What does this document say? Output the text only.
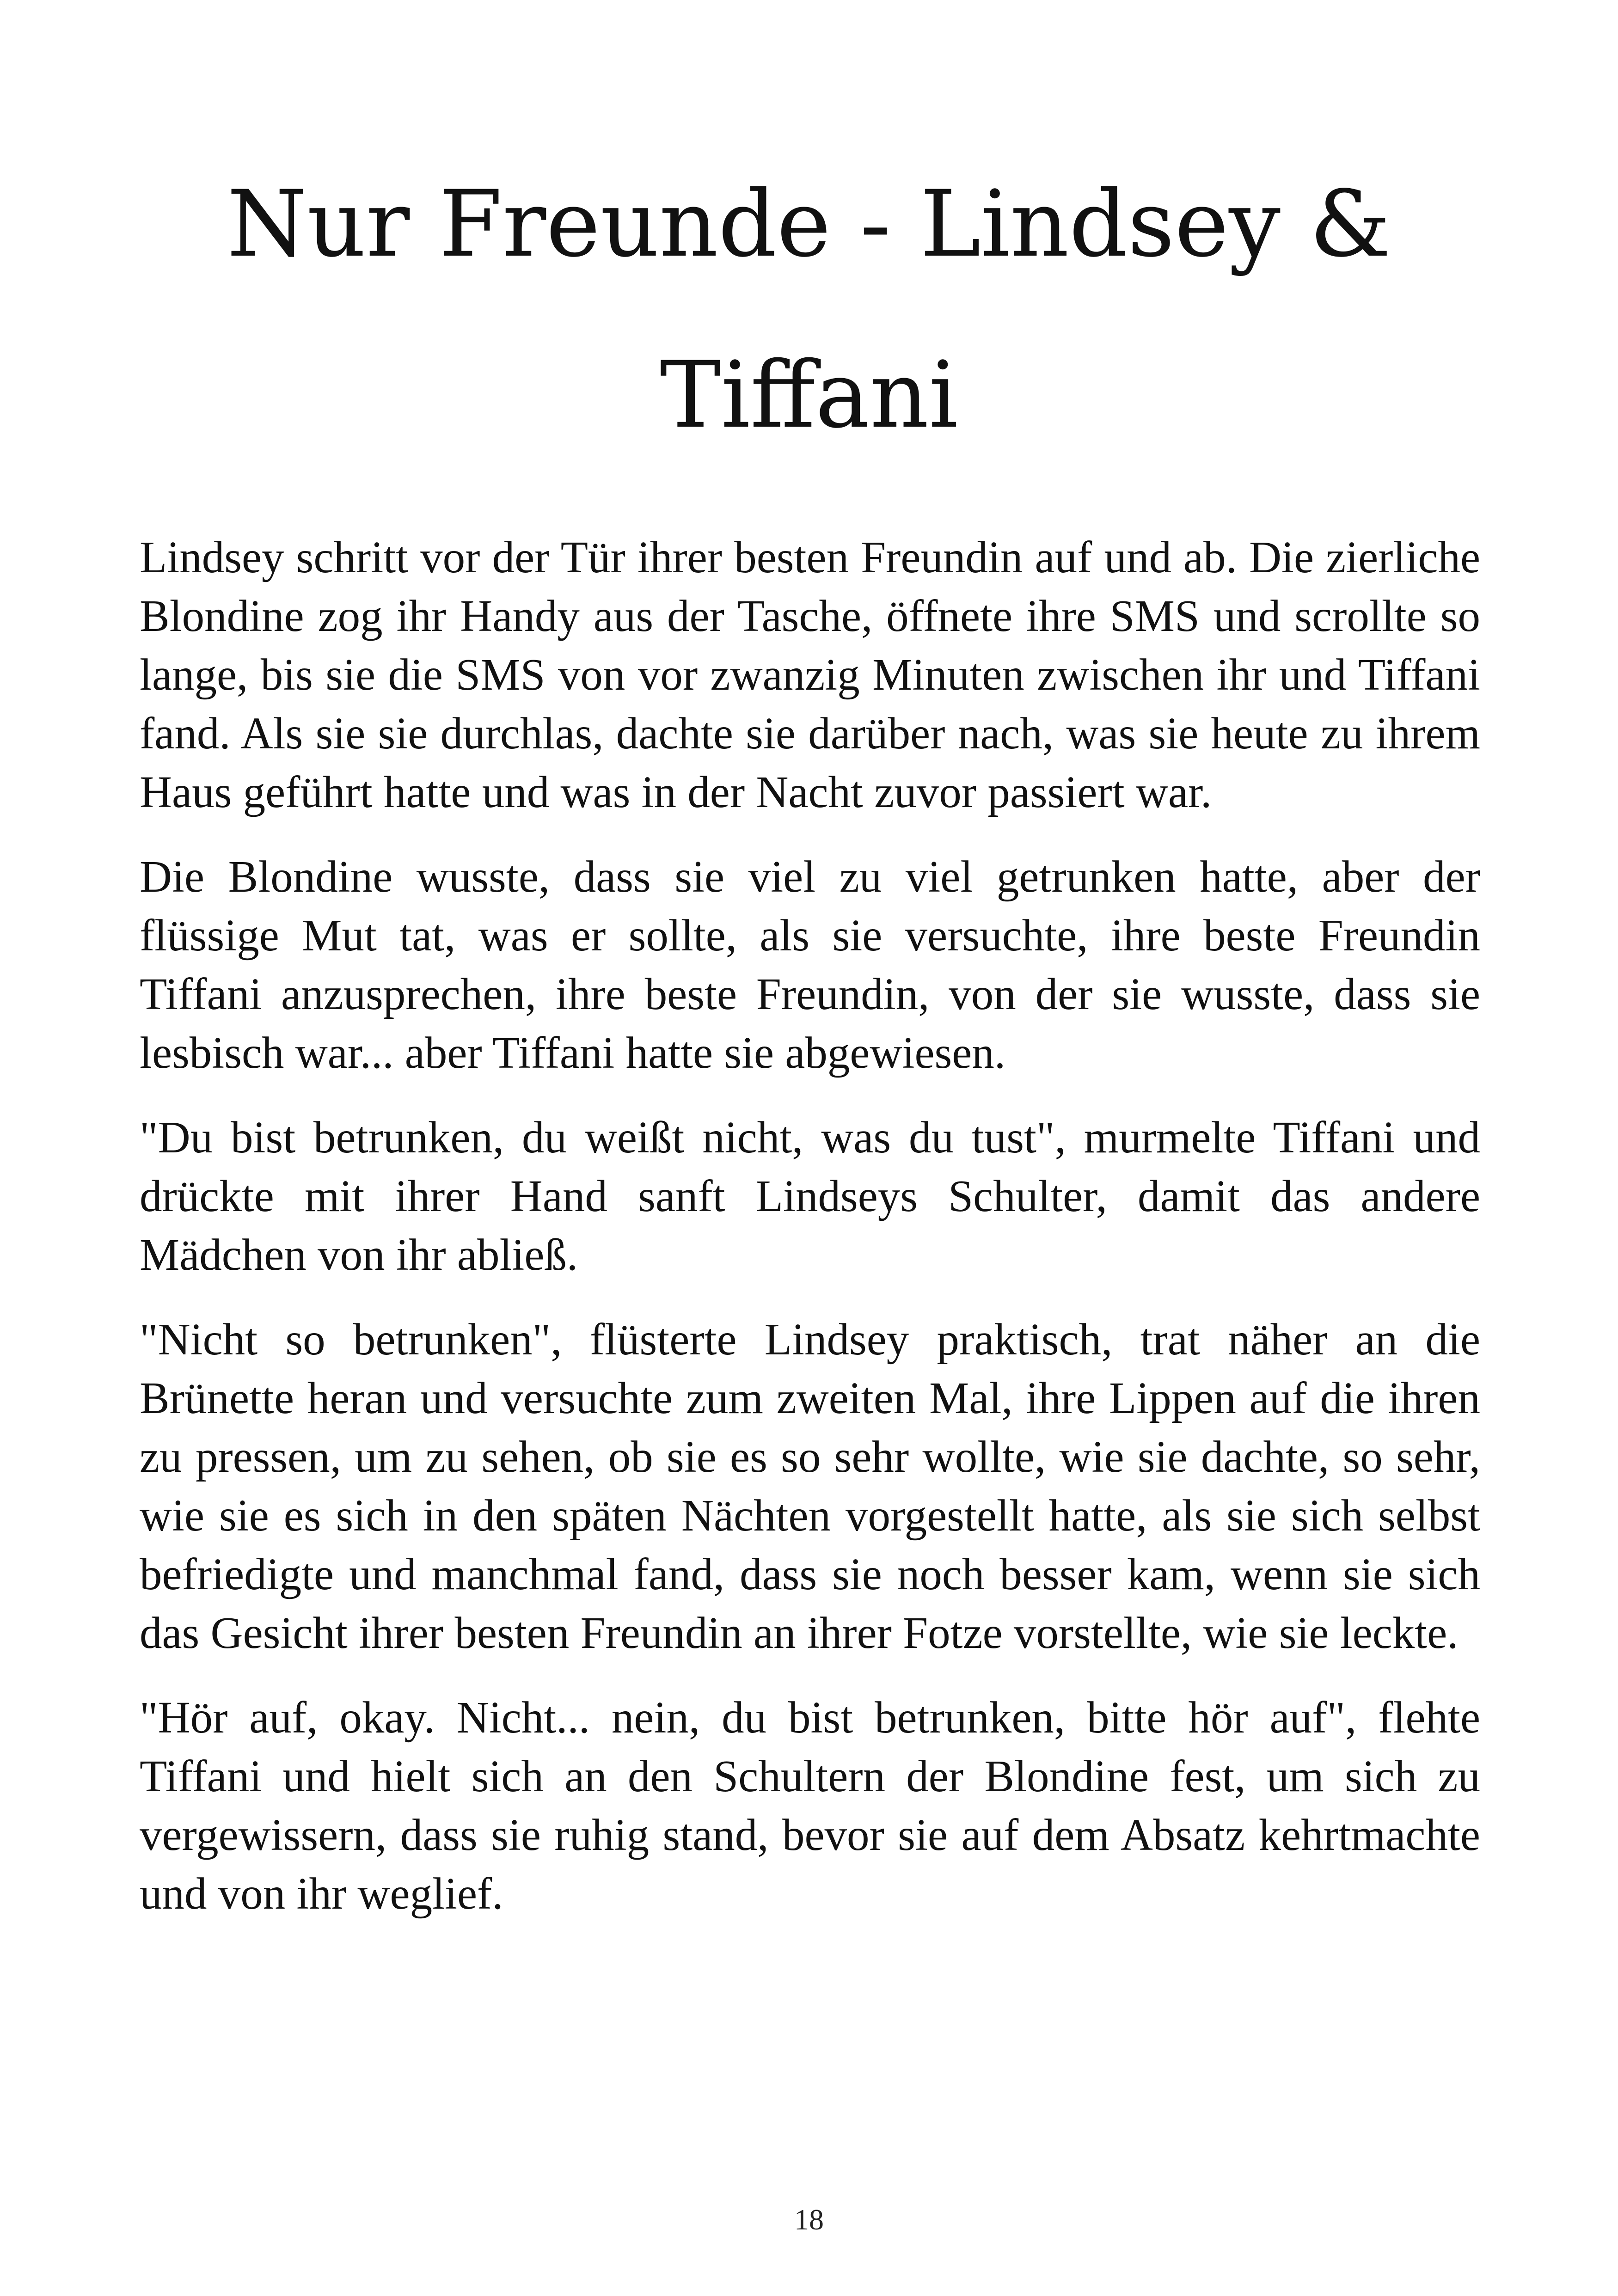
Nur Freunde - Lindsey & Tiffani

Lindsey schritt vor der Tür ihrer besten Freundin auf und ab. Die zierliche Blondine zog ihr Handy aus der Tasche, öffnete ihre SMS und scrollte so lange, bis sie die SMS von vor zwanzig Minuten zwischen ihr und Tiffani fand. Als sie sie durchlas, dachte sie darüber nach, was sie heute zu ihrem Haus geführt hatte und was in der Nacht zuvor passiert war.

Die Blondine wusste, dass sie viel zu viel getrunken hatte, aber der flüssige Mut tat, was er sollte, als sie versuchte, ihre beste Freundin Tiffani anzusprechen, ihre beste Freundin, von der sie wusste, dass sie lesbisch war... aber Tiffani hatte sie abgewiesen.

"Du bist betrunken, du weißt nicht, was du tust", murmelte Tiffani und drückte mit ihrer Hand sanft Lindseys Schulter, damit das andere Mädchen von ihr abließ.

"Nicht so betrunken", flüsterte Lindsey praktisch, trat näher an die Brünette heran und versuchte zum zweiten Mal, ihre Lippen auf die ihren zu pressen, um zu sehen, ob sie es so sehr wollte, wie sie dachte, so sehr, wie sie es sich in den späten Nächten vorgestellt hatte, als sie sich selbst befriedigte und manchmal fand, dass sie noch besser kam, wenn sie sich das Gesicht ihrer besten Freundin an ihrer Fotze vorstellte, wie sie leckte.

"Hör auf, okay. Nicht... nein, du bist betrunken, bitte hör auf", flehte Tiffani und hielt sich an den Schultern der Blondine fest, um sich zu vergewissern, dass sie ruhig stand, bevor sie auf dem Absatz kehrtmachte und von ihr weglief.

18
